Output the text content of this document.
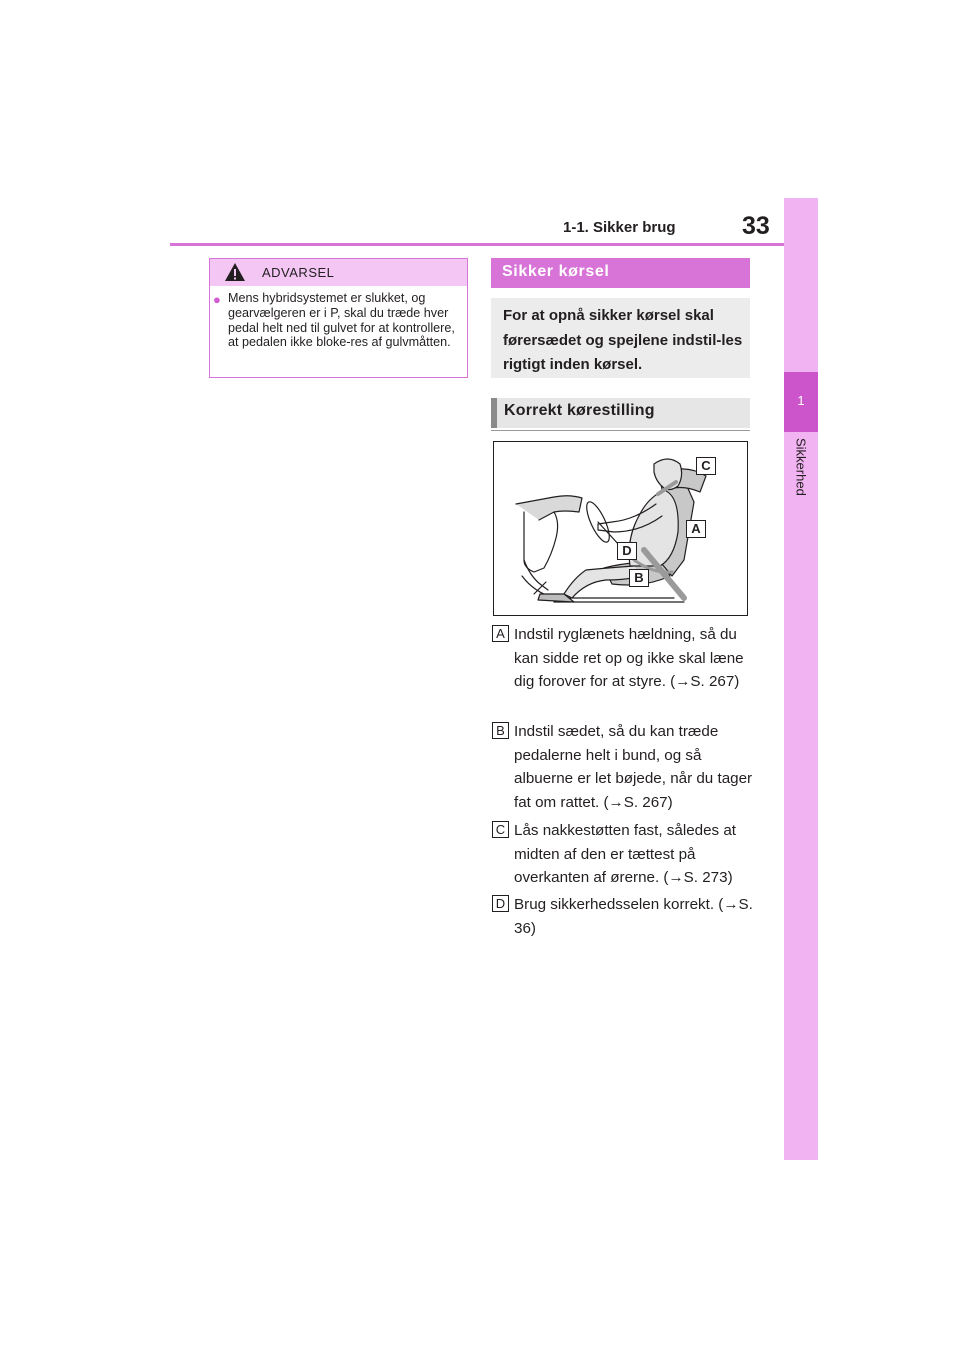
1-1. Sikker brug	33
1
Sikkerhed
ADVARSEL
● Mens hybridsystemet er slukket, og gearvælgeren er i P, skal du træde hver pedal helt ned til gulvet for at kontrollere, at pedalen ikke bloke-res af gulvmåtten.
Sikker kørsel
For at opnå sikker kørsel skal førersædet og spejlene indstil-les rigtigt inden kørsel.
Korrekt kørestilling
C
A
D
B
A Indstil ryglænets hældning, så du kan sidde ret op og ikke skal læne dig forover for at styre. (→S. 267)
B Indstil sædet, så du kan træde pedalerne helt i bund, og så albuerne er let bøjede, når du tager fat om rattet. (→S. 267)
C Lås nakkestøtten fast, således at midten af den er tættest på overkanten af ørerne. (→S. 273)
D Brug sikkerhedsselen korrekt. (→S. 36)
